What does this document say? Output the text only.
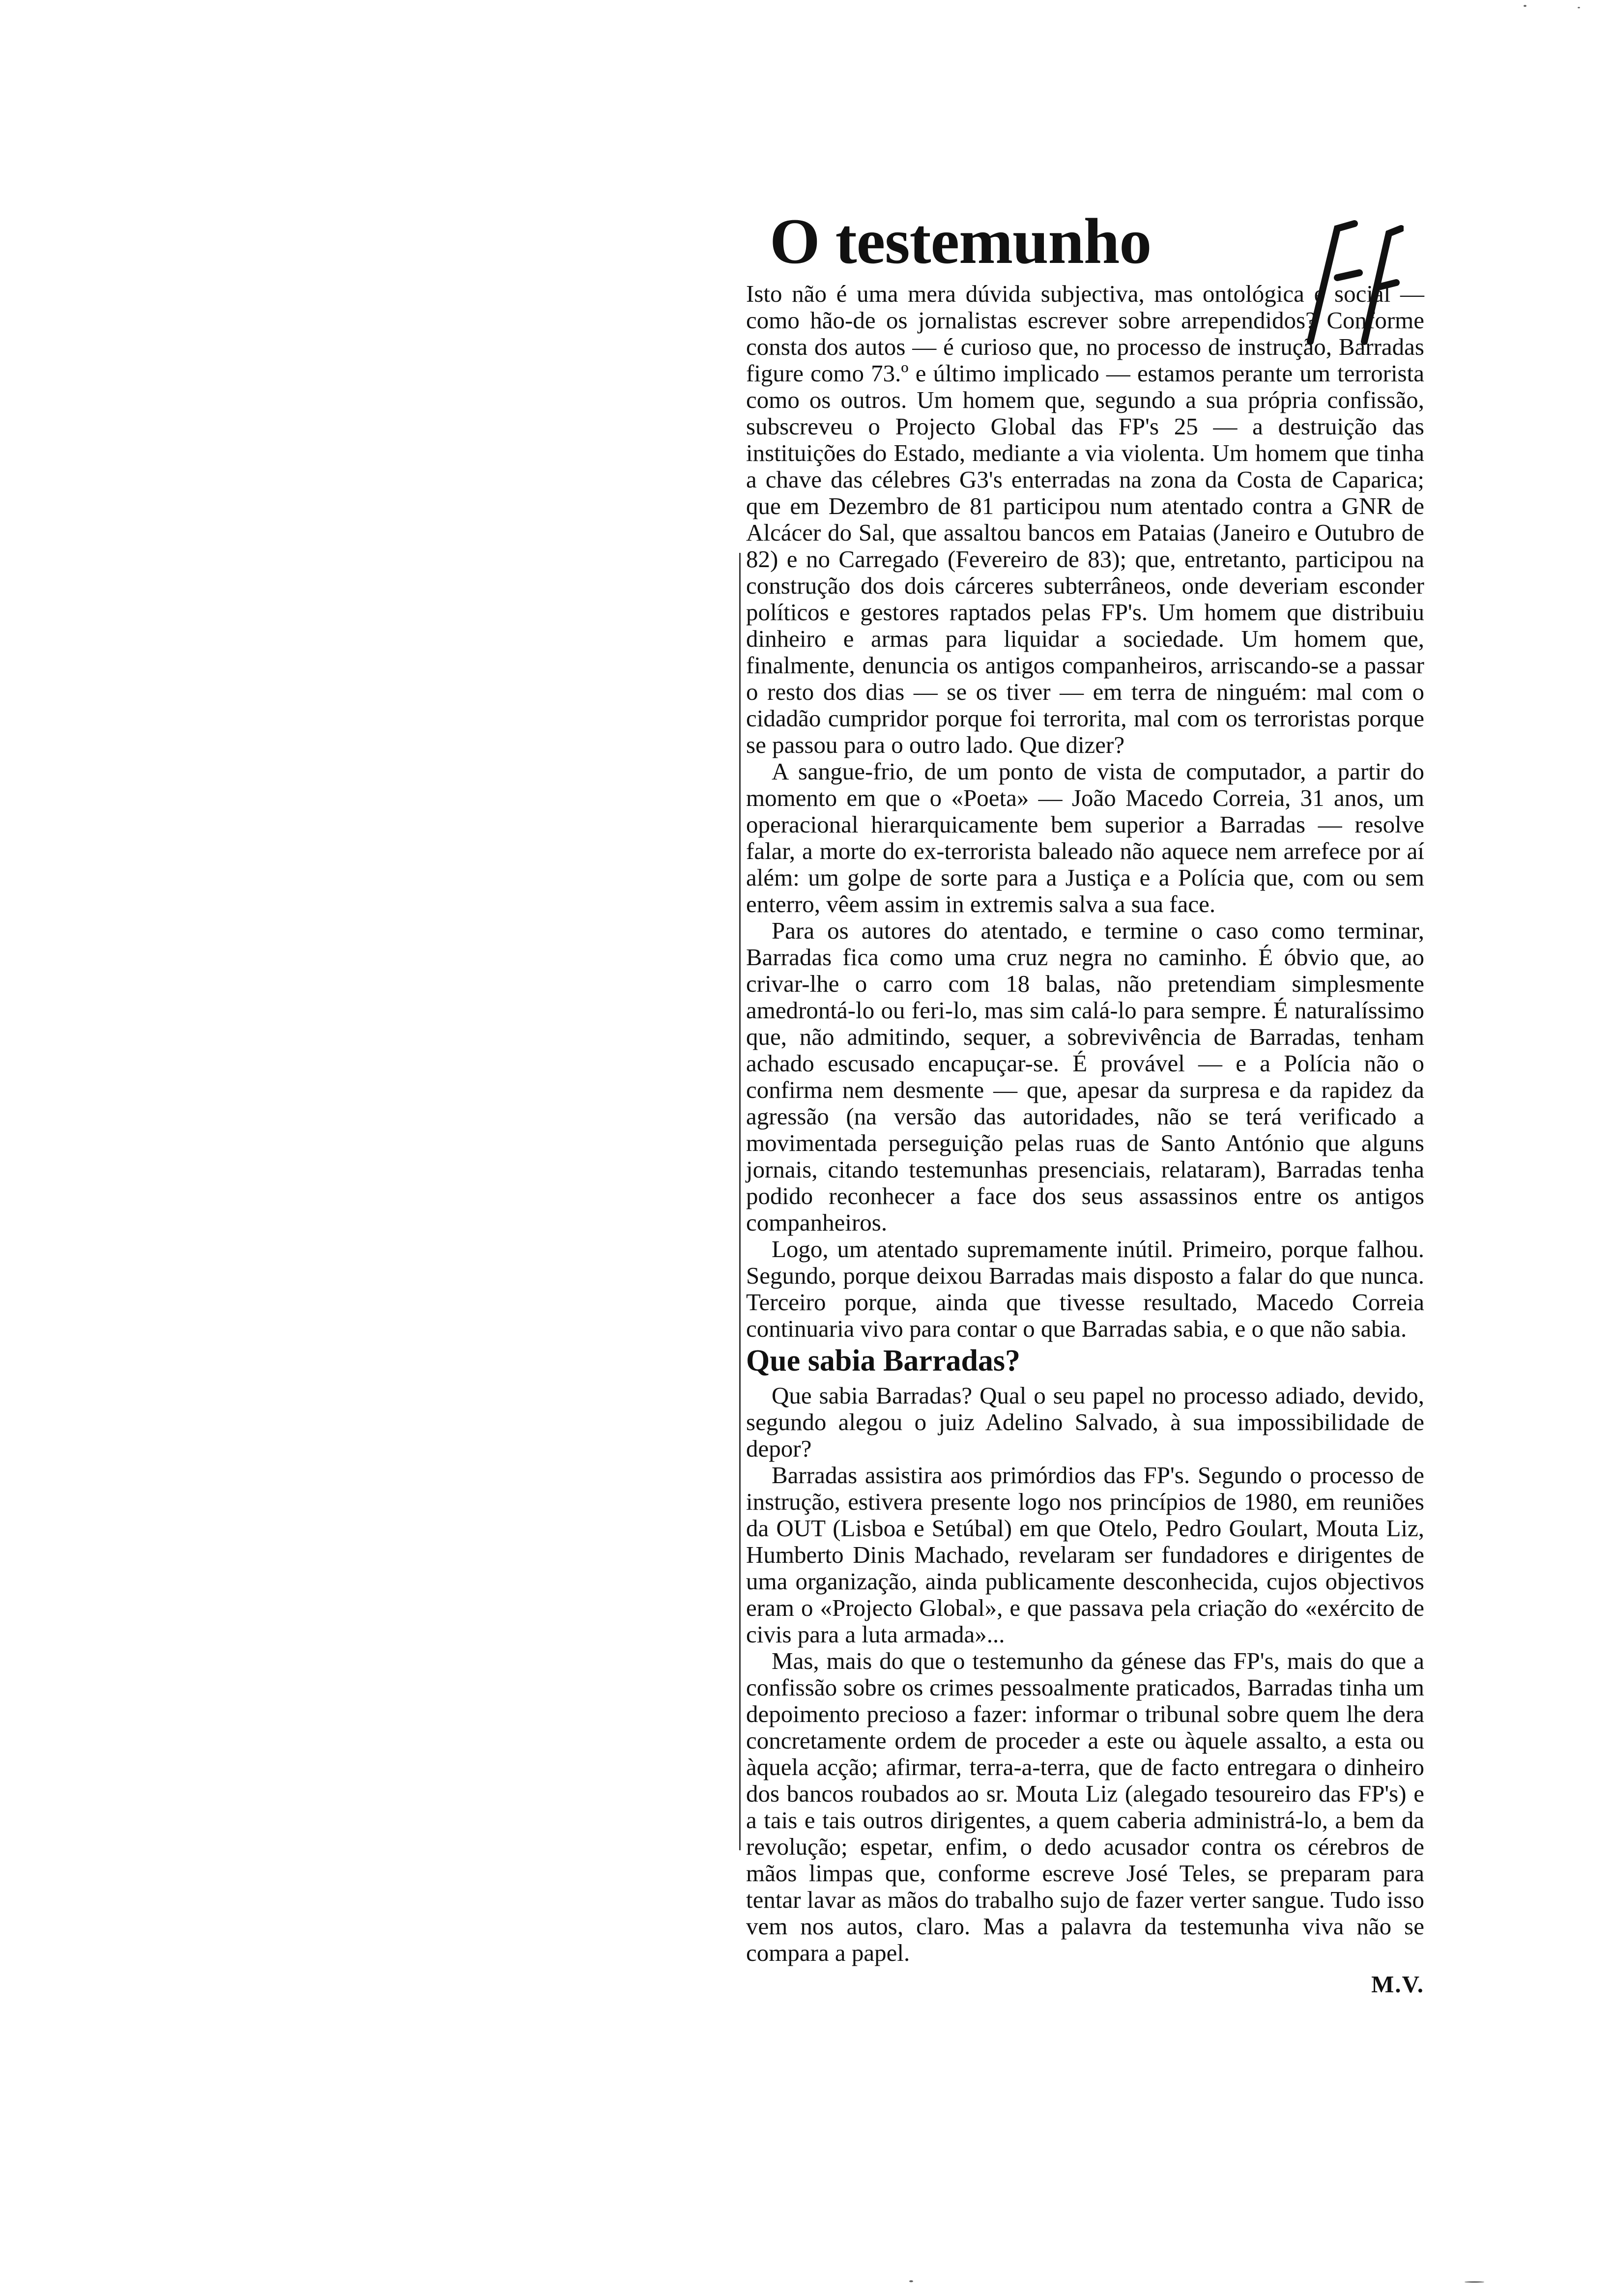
O testemunho

Isto não é uma mera dúvida subjectiva, mas ontológica e social — como hão-de os jornalistas escrever sobre arrependidos? Conforme consta dos autos — é curioso que, no processo de instrução, Barradas figure como 73.º e último implicado — estamos perante um terrorista como os outros. Um homem que, segundo a sua própria confissão, subscreveu o Projecto Global das FP's 25 — a destruição das instituições do Estado, mediante a via violenta. Um homem que tinha a chave das célebres G3's enterradas na zona da Costa de Caparica; que em Dezembro de 81 participou num atentado contra a GNR de Alcácer do Sal, que assaltou bancos em Pataias (Janeiro e Outubro de 82) e no Carregado (Fevereiro de 83); que, entretanto, participou na construção dos dois cárceres subterrâneos, onde deveriam esconder políticos e gestores raptados pelas FP's. Um homem que distribuiu dinheiro e armas para liquidar a sociedade. Um homem que, finalmente, denuncia os antigos companheiros, arriscando-se a passar o resto dos dias — se os tiver — em terra de ninguém: mal com o cidadão cumpridor porque foi terrorita, mal com os terroristas porque se passou para o outro lado. Que dizer?

A sangue-frio, de um ponto de vista de computador, a partir do momento em que o «Poeta» — João Macedo Correia, 31 anos, um operacional hierarquicamente bem superior a Barradas — resolve falar, a morte do ex-terrorista baleado não aquece nem arrefece por aí além: um golpe de sorte para a Justiça e a Polícia que, com ou sem enterro, vêem assim in extremis salva a sua face.

Para os autores do atentado, e termine o caso como terminar, Barradas fica como uma cruz negra no caminho. É óbvio que, ao crivar-lhe o carro com 18 balas, não pretendiam simplesmente amedrontá-lo ou feri-lo, mas sim calá-lo para sempre. É naturalíssimo que, não admitindo, sequer, a sobrevivência de Barradas, tenham achado escusado encapuçar-se. É provável — e a Polícia não o confirma nem desmente — que, apesar da surpresa e da rapidez da agressão (na versão das autoridades, não se terá verificado a movimentada perseguição pelas ruas de Santo António que alguns jornais, citando testemunhas presenciais, relataram), Barradas tenha podido reconhecer a face dos seus assassinos entre os antigos companheiros.

Logo, um atentado supremamente inútil. Primeiro, porque falhou. Segundo, porque deixou Barradas mais disposto a falar do que nunca. Terceiro porque, ainda que tivesse resultado, Macedo Correia continuaria vivo para contar o que Barradas sabia, e o que não sabia.

Que sabia Barradas?

Que sabia Barradas? Qual o seu papel no processo adiado, devido, segundo alegou o juiz Adelino Salvado, à sua impossibilidade de depor?

Barradas assistira aos primórdios das FP's. Segundo o processo de instrução, estivera presente logo nos princípios de 1980, em reuniões da OUT (Lisboa e Setúbal) em que Otelo, Pedro Goulart, Mouta Liz, Humberto Dinis Machado, revelaram ser fundadores e dirigentes de uma organização, ainda publicamente desconhecida, cujos objectivos eram o «Projecto Global», e que passava pela criação do «exército de civis para a luta armada»...

Mas, mais do que o testemunho da génese das FP's, mais do que a confissão sobre os crimes pessoalmente praticados, Barradas tinha um depoimento precioso a fazer: informar o tribunal sobre quem lhe dera concretamente ordem de proceder a este ou àquele assalto, a esta ou àquela acção; afirmar, terra-a-terra, que de facto entregara o dinheiro dos bancos roubados ao sr. Mouta Liz (alegado tesoureiro das FP's) e a tais e tais outros dirigentes, a quem caberia administrá-lo, a bem da revolução; espetar, enfim, o dedo acusador contra os cérebros de mãos limpas que, conforme escreve José Teles, se preparam para tentar lavar as mãos do trabalho sujo de fazer verter sangue. Tudo isso vem nos autos, claro. Mas a palavra da testemunha viva não se compara a papel.

M.V.
